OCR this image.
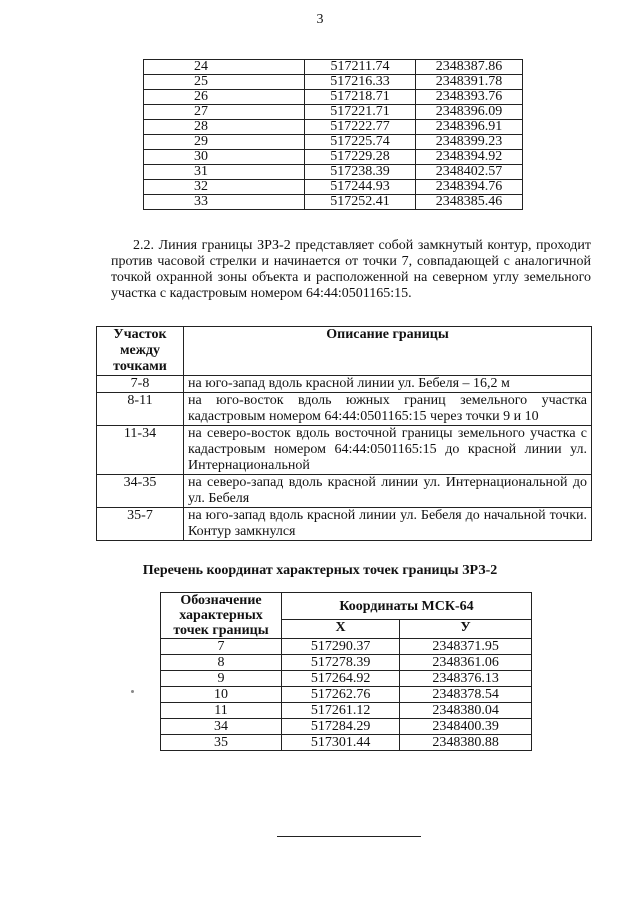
3
24	517211.74	2348387.86
25	517216.33	2348391.78
26	517218.71	2348393.76
27	517221.71	2348396.09
28	517222.77	2348396.91
29	517225.74	2348399.23
30	517229.28	2348394.92
31	517238.39	2348402.57
32	517244.93	2348394.76
33	517252.41	2348385.46
2.2. Линия границы ЗРЗ-2 представляет собой замкнутый контур, проходит против часовой стрелки и начинается от точки 7, совпадающей с аналогичной точкой охранной зоны объекта и расположенной на северном углу земельного участка с кадастровым номером 64:44:0501165:15.
Участок между точками	Описание границы
7-8	на юго-запад вдоль красной линии ул. Бебеля – 16,2 м
8-11	на юго-восток вдоль южных границ земельного участка кадастровым номером 64:44:0501165:15 через точки 9 и 10
11-34	на северо-восток вдоль восточной границы земельного участка с кадастровым номером 64:44:0501165:15 до красной линии ул. Интернациональной
34-35	на северо-запад вдоль красной линии ул. Интернациональной до ул. Бебеля
35-7	на юго-запад вдоль красной линии ул. Бебеля до начальной точки. Контур замкнулся
Перечень координат характерных точек границы ЗРЗ-2
Обозначение характерных точек границы	Координаты МСК-64	
	Х	У
7	517290.37	2348371.95
8	517278.39	2348361.06
9	517264.92	2348376.13
10	517262.76	2348378.54
11	517261.12	2348380.04
34	517284.29	2348400.39
35	517301.44	2348380.88
